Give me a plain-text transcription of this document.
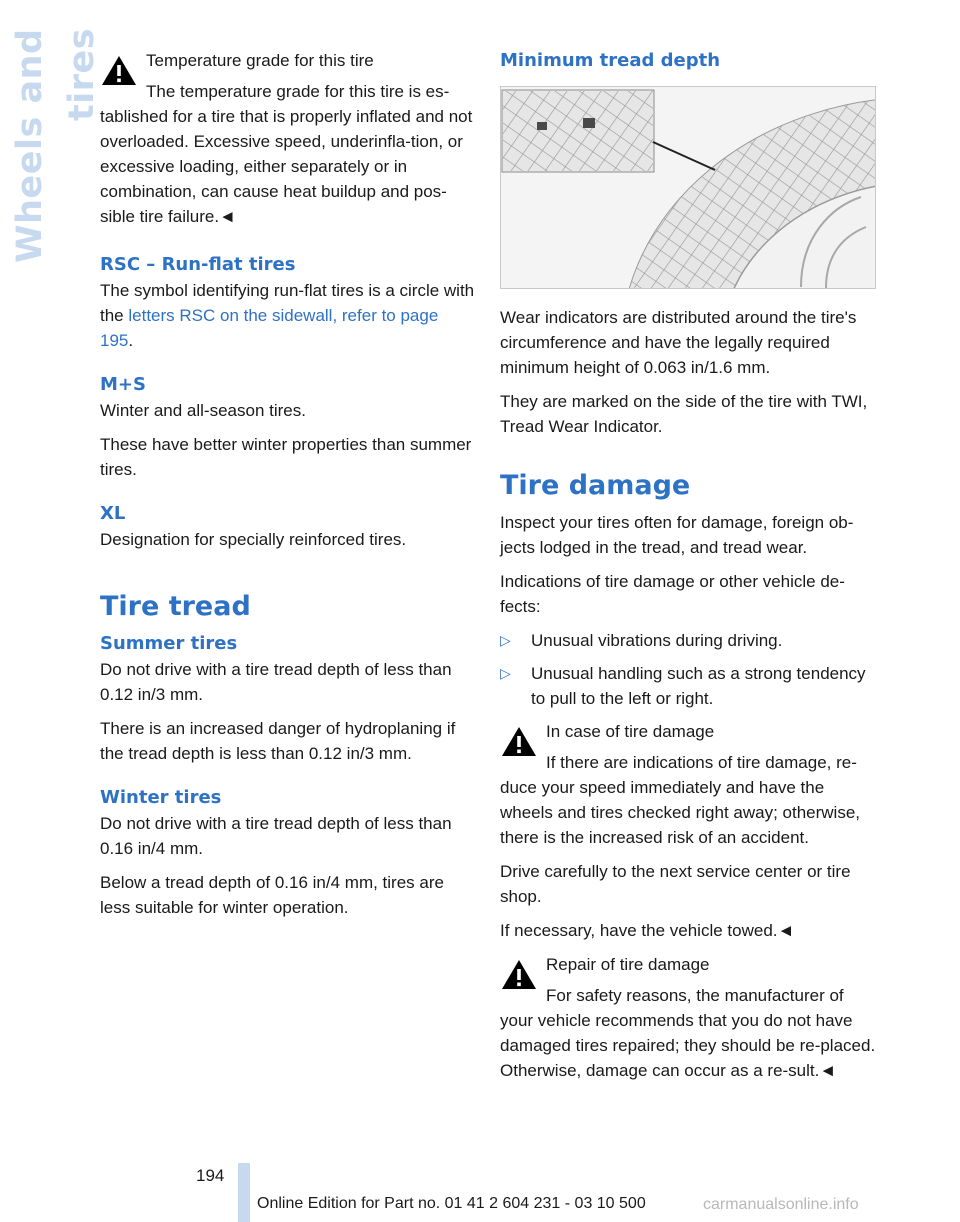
Wheels and tires	Temperature grade for this tire

The temperature grade for this tire is es-

tablished for a tire that is properly inflated and not overloaded. Excessive speed, underinfla-tion, or excessive loading, either separately or in combination, can cause heat buildup and pos-sible tire failure.◄

RSC – Run-flat tires

The symbol identifying run-flat tires is a circle with the letters RSC on the sidewall, refer to page 195.

M+S

Winter and all-season tires.

These have better winter properties than summer tires.

XL

Designation for specially reinforced tires.

Tire tread
Summer tires

Do not drive with a tire tread depth of less than 0.12 in/3 mm.

There is an increased danger of hydroplaning if the tread depth is less than 0.12 in/3 mm.

Winter tires

Do not drive with a tire tread depth of less than 0.16 in/4 mm.

Below a tread depth of 0.16 in/4 mm, tires are less suitable for winter operation.

Minimum tread depth

Wear indicators are distributed around the tire's circumference and have the legally required minimum height of 0.063 in/1.6 mm.

They are marked on the side of the tire with TWI, Tread Wear Indicator.

Tire damage

Inspect your tires often for damage, foreign ob-jects lodged in the tread, and tread wear.

Indications of tire damage or other vehicle de-fects:

▷ Unusual vibrations during driving.
▷ Unusual handling such as a strong tendency to pull to the left or right.

In case of tire damage

If there are indications of tire damage, re-

duce your speed immediately and have the wheels and tires checked right away; otherwise, there is the increased risk of an accident.

Drive carefully to the next service center or tire shop.

If necessary, have the vehicle towed.◄

Repair of tire damage

For safety reasons, the manufacturer of

your vehicle recommends that you do not have damaged tires repaired; they should be re-placed. Otherwise, damage can occur as a re-sult.◄

194
Online Edition for Part no. 01 41 2 604 231 - 03 10 500	carmanualsonline.info
